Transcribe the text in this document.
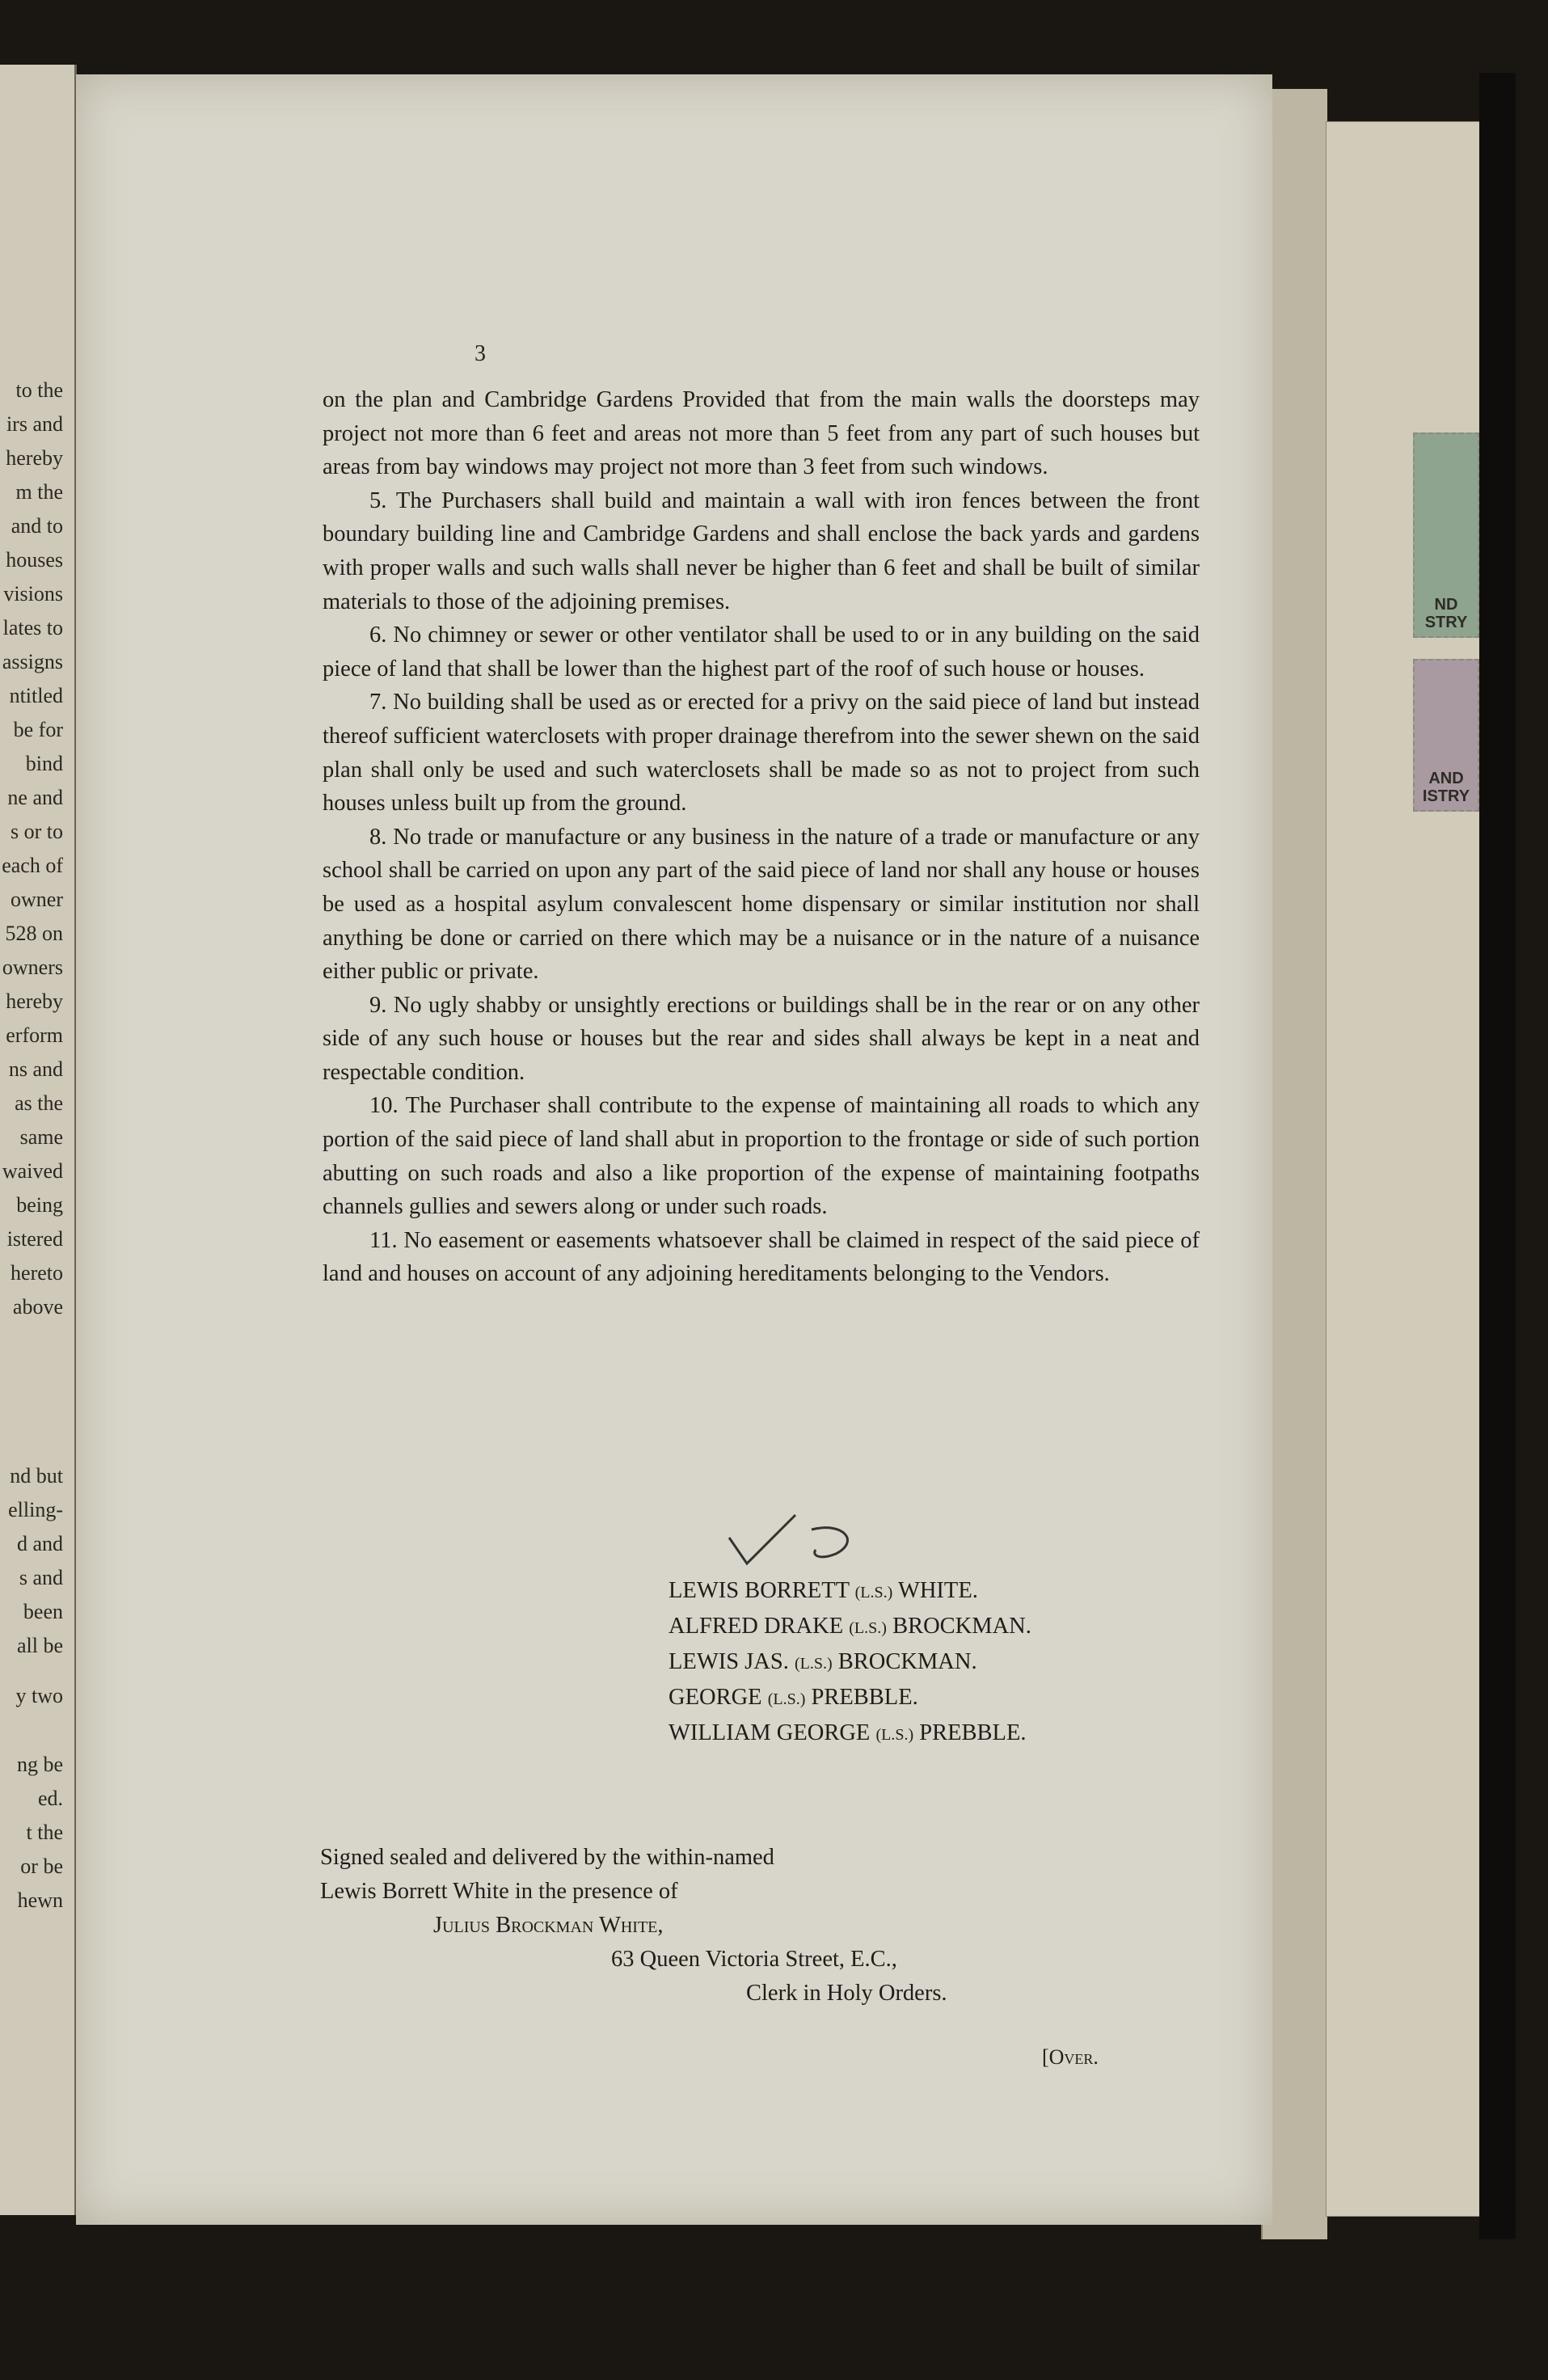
to the
irs and
hereby
m the
and to
houses
visions
lates to
assigns
ntitled
be for
bind
ne and
s or to
each of
owner
528 on
owners
hereby
erform
ns and
as the
same
waived
being
istered
hereto
above
nd but
elling-
d and
s and
been
all be
y two
ng be
ed.
t the
or be
hewn
ND
STRY
AND
ISTRY
3

on the plan and Cambridge Gardens Provided that from the main walls the doorsteps may project not more than 6 feet and areas not more than 5 feet from any part of such houses but areas from bay windows may project not more than 3 feet from such windows.

5. The Purchasers shall build and maintain a wall with iron fences between the front boundary building line and Cambridge Gardens and shall enclose the back yards and gardens with proper walls and such walls shall never be higher than 6 feet and shall be built of similar materials to those of the adjoining premises.

6. No chimney or sewer or other ventilator shall be used to or in any building on the said piece of land that shall be lower than the highest part of the roof of such house or houses.

7. No building shall be used as or erected for a privy on the said piece of land but instead thereof sufficient waterclosets with proper drainage therefrom into the sewer shewn on the said plan shall only be used and such waterclosets shall be made so as not to project from such houses unless built up from the ground.

8. No trade or manufacture or any business in the nature of a trade or manufacture or any school shall be carried on upon any part of the said piece of land nor shall any house or houses be used as a hospital asylum convalescent home dispensary or similar institution nor shall anything be done or carried on there which may be a nuisance or in the nature of a nuisance either public or private.

9. No ugly shabby or unsightly erections or buildings shall be in the rear or on any other side of any such house or houses but the rear and sides shall always be kept in a neat and respectable condition.

10. The Purchaser shall contribute to the expense of maintaining all roads to which any portion of the said piece of land shall abut in proportion to the frontage or side of such portion abutting on such roads and also a like proportion of the expense of maintaining footpaths channels gullies and sewers along or under such roads.

11. No easement or easements whatsoever shall be claimed in respect of the said piece of land and houses on account of any adjoining hereditaments belonging to the Vendors.

LEWIS BORRETT (L.S.) WHITE.
ALFRED DRAKE (L.S.) BROCKMAN.
LEWIS JAS. (L.S.) BROCKMAN.
GEORGE (L.S.) PREBBLE.
WILLIAM GEORGE (L.S.) PREBBLE.
Signed sealed and delivered by the within-named
Lewis Borrett White in the presence of
Julius Brockman White,
63 Queen Victoria Street, E.C.,
Clerk in Holy Orders.
[Over.
